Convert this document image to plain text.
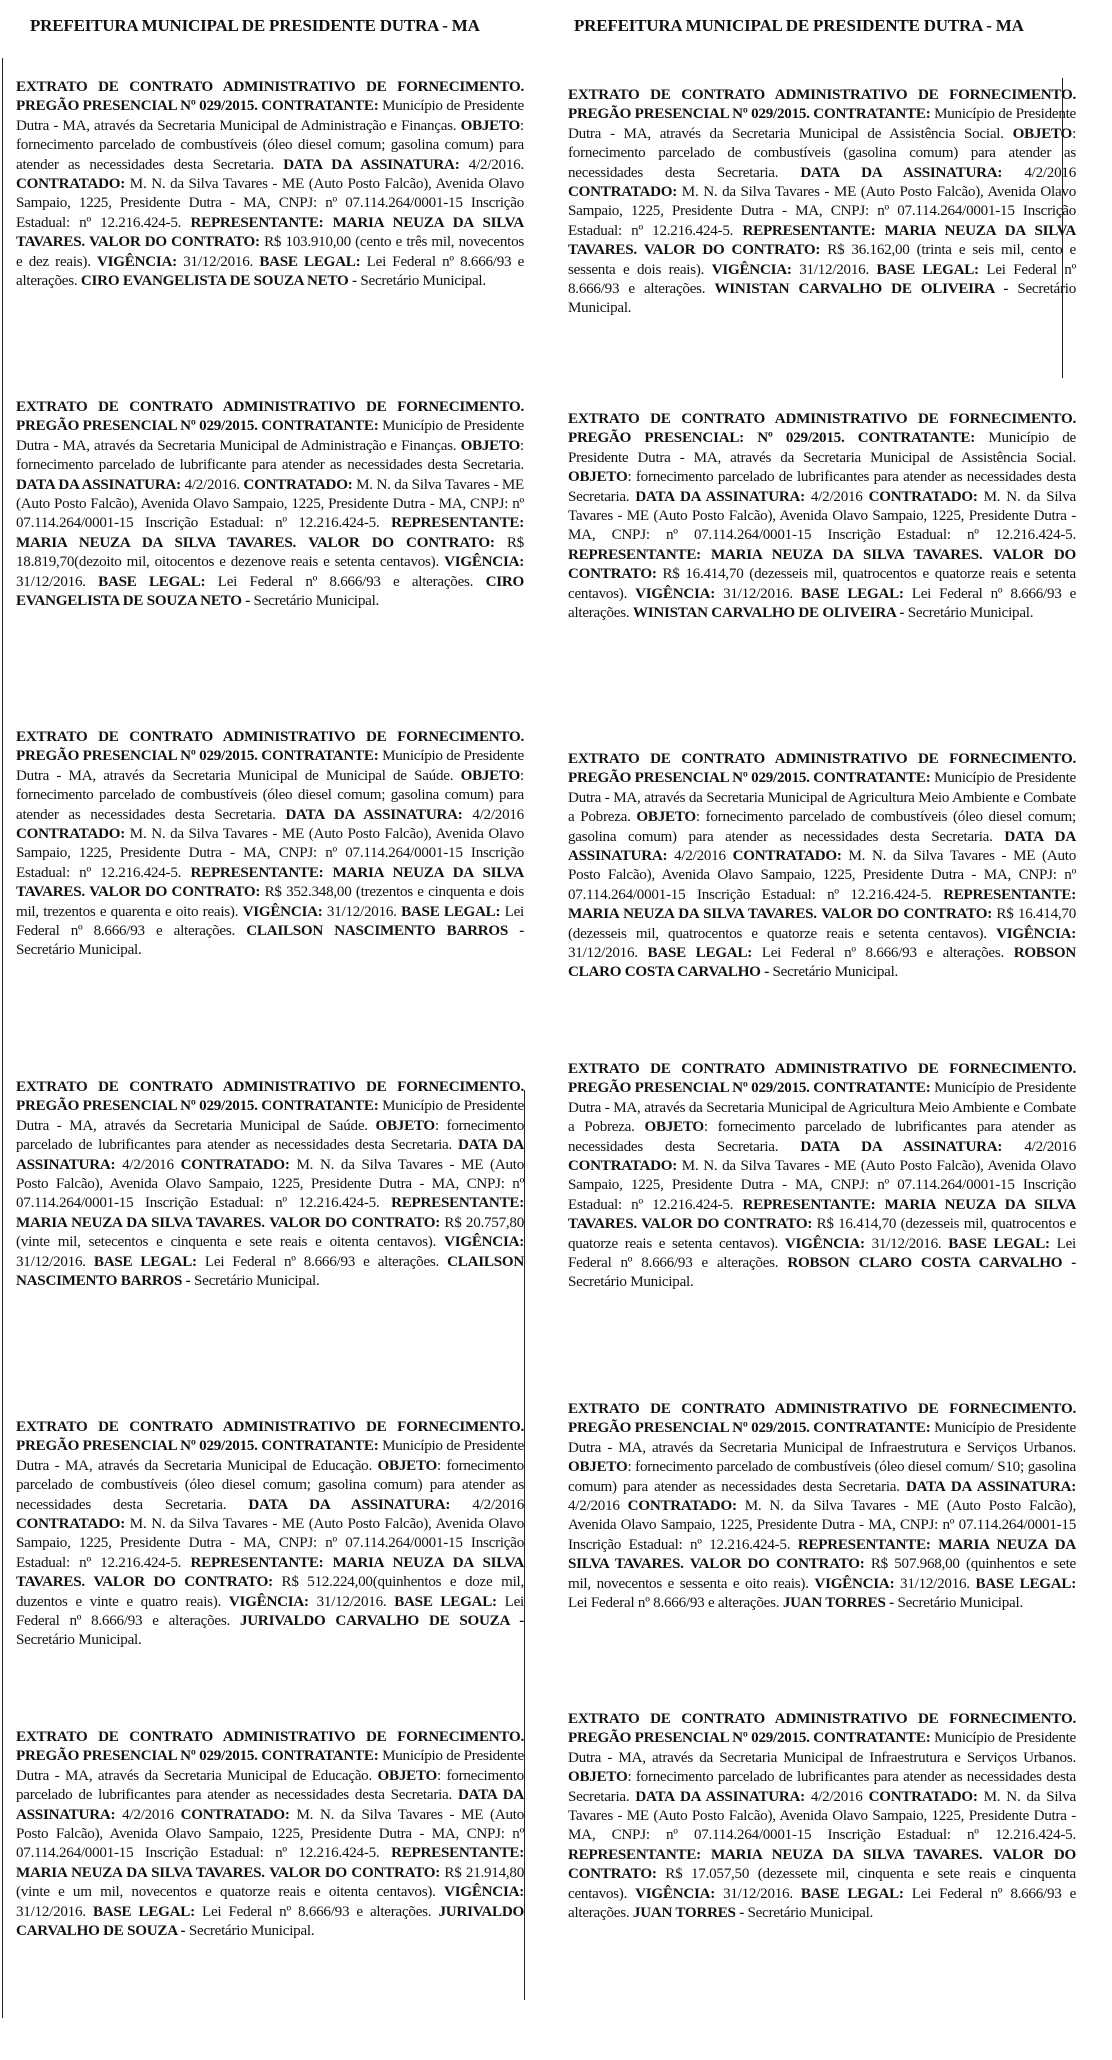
PREFEITURA MUNICIPAL DE PRESIDENTE DUTRA - MA	PREFEITURA MUNICIPAL DE PRESIDENTE DUTRA - MA

EXTRATO DE CONTRATO ADMINISTRATIVO DE FORNECIMENTO. PREGÃO PRESENCIAL Nº 029/2015. CONTRATANTE: Município de Presidente Dutra - MA, através da Secretaria Municipal de Administração e Finanças. OBJETO: fornecimento parcelado de combustíveis (óleo diesel comum; gasolina comum) para atender as necessidades desta Secretaria. DATA DA ASSINATURA: 4/2/2016. CONTRATADO: M. N. da Silva Tavares - ME (Auto Posto Falcão), Avenida Olavo Sampaio, 1225, Presidente Dutra - MA, CNPJ: nº 07.114.264/0001-15 Inscrição Estadual: nº 12.216.424-5. REPRESENTANTE: MARIA NEUZA DA SILVA TAVARES. VALOR DO CONTRATO: R$ 103.910,00 (cento e três mil, novecentos e dez reais). VIGÊNCIA: 31/12/2016. BASE LEGAL: Lei Federal nº 8.666/93 e alterações. CIRO EVANGELISTA DE SOUZA NETO - Secretário Municipal.

EXTRATO DE CONTRATO ADMINISTRATIVO DE FORNECIMENTO. PREGÃO PRESENCIAL Nº 029/2015. CONTRATANTE: Município de Presidente Dutra - MA, através da Secretaria Municipal de Administração e Finanças. OBJETO: fornecimento parcelado de lubrificante para atender as necessidades desta Secretaria. DATA DA ASSINATURA: 4/2/2016. CONTRATADO: M. N. da Silva Tavares - ME (Auto Posto Falcão), Avenida Olavo Sampaio, 1225, Presidente Dutra - MA, CNPJ: nº 07.114.264/0001-15 Inscrição Estadual: nº 12.216.424-5. REPRESENTANTE: MARIA NEUZA DA SILVA TAVARES. VALOR DO CONTRATO: R$ 18.819,70(dezoito mil, oitocentos e dezenove reais e setenta centavos). VIGÊNCIA: 31/12/2016. BASE LEGAL: Lei Federal nº 8.666/93 e alterações. CIRO EVANGELISTA DE SOUZA NETO - Secretário Municipal.

EXTRATO DE CONTRATO ADMINISTRATIVO DE FORNECIMENTO. PREGÃO PRESENCIAL Nº 029/2015. CONTRATANTE: Município de Presidente Dutra - MA, através da Secretaria Municipal de Municipal de Saúde. OBJETO: fornecimento parcelado de combustíveis (óleo diesel comum; gasolina comum) para atender as necessidades desta Secretaria. DATA DA ASSINATURA: 4/2/2016 CONTRATADO: M. N. da Silva Tavares - ME (Auto Posto Falcão), Avenida Olavo Sampaio, 1225, Presidente Dutra - MA, CNPJ: nº 07.114.264/0001-15 Inscrição Estadual: nº 12.216.424-5. REPRESENTANTE: MARIA NEUZA DA SILVA TAVARES. VALOR DO CONTRATO: R$ 352.348,00 (trezentos e cinquenta e dois mil, trezentos e quarenta e oito reais). VIGÊNCIA: 31/12/2016. BASE LEGAL: Lei Federal nº 8.666/93 e alterações. CLAILSON NASCIMENTO BARROS - Secretário Municipal.

EXTRATO DE CONTRATO ADMINISTRATIVO DE FORNECIMENTO. PREGÃO PRESENCIAL Nº 029/2015. CONTRATANTE: Município de Presidente Dutra - MA, através da Secretaria Municipal de Saúde. OBJETO: fornecimento parcelado de lubrificantes para atender as necessidades desta Secretaria. DATA DA ASSINATURA: 4/2/2016 CONTRATADO: M. N. da Silva Tavares - ME (Auto Posto Falcão), Avenida Olavo Sampaio, 1225, Presidente Dutra - MA, CNPJ: nº 07.114.264/0001-15 Inscrição Estadual: nº 12.216.424-5. REPRESENTANTE: MARIA NEUZA DA SILVA TAVARES. VALOR DO CONTRATO: R$ 20.757,80 (vinte mil, setecentos e cinquenta e sete reais e oitenta centavos). VIGÊNCIA: 31/12/2016. BASE LEGAL: Lei Federal nº 8.666/93 e alterações. CLAILSON NASCIMENTO BARROS - Secretário Municipal.

EXTRATO DE CONTRATO ADMINISTRATIVO DE FORNECIMENTO. PREGÃO PRESENCIAL Nº 029/2015. CONTRATANTE: Município de Presidente Dutra - MA, através da Secretaria Municipal de Educação. OBJETO: fornecimento parcelado de combustíveis (óleo diesel comum; gasolina comum) para atender as necessidades desta Secretaria. DATA DA ASSINATURA: 4/2/2016 CONTRATADO: M. N. da Silva Tavares - ME (Auto Posto Falcão), Avenida Olavo Sampaio, 1225, Presidente Dutra - MA, CNPJ: nº 07.114.264/0001-15 Inscrição Estadual: nº 12.216.424-5. REPRESENTANTE: MARIA NEUZA DA SILVA TAVARES. VALOR DO CONTRATO: R$ 512.224,00(quinhentos e doze mil, duzentos e vinte e quatro reais). VIGÊNCIA: 31/12/2016. BASE LEGAL: Lei Federal nº 8.666/93 e alterações. JURIVALDO CARVALHO DE SOUZA - Secretário Municipal.

EXTRATO DE CONTRATO ADMINISTRATIVO DE FORNECIMENTO. PREGÃO PRESENCIAL Nº 029/2015. CONTRATANTE: Município de Presidente Dutra - MA, através da Secretaria Municipal de Educação. OBJETO: fornecimento parcelado de lubrificantes para atender as necessidades desta Secretaria. DATA DA ASSINATURA: 4/2/2016 CONTRATADO: M. N. da Silva Tavares - ME (Auto Posto Falcão), Avenida Olavo Sampaio, 1225, Presidente Dutra - MA, CNPJ: nº 07.114.264/0001-15 Inscrição Estadual: nº 12.216.424-5. REPRESENTANTE: MARIA NEUZA DA SILVA TAVARES. VALOR DO CONTRATO: R$ 21.914,80 (vinte e um mil, novecentos e quatorze reais e oitenta centavos). VIGÊNCIA: 31/12/2016. BASE LEGAL: Lei Federal nº 8.666/93 e alterações. JURIVALDO CARVALHO DE SOUZA - Secretário Municipal.

EXTRATO DE CONTRATO ADMINISTRATIVO DE FORNECIMENTO. PREGÃO PRESENCIAL Nº 029/2015. CONTRATANTE: Município de Presidente Dutra - MA, através da Secretaria Municipal de Assistência Social. OBJETO: fornecimento parcelado de combustíveis (gasolina comum) para atender as necessidades desta Secretaria. DATA DA ASSINATURA: 4/2/2016 CONTRATADO: M. N. da Silva Tavares - ME (Auto Posto Falcão), Avenida Olavo Sampaio, 1225, Presidente Dutra - MA, CNPJ: nº 07.114.264/0001-15 Inscrição Estadual: nº 12.216.424-5. REPRESENTANTE: MARIA NEUZA DA SILVA TAVARES. VALOR DO CONTRATO: R$ 36.162,00 (trinta e seis mil, cento e sessenta e dois reais). VIGÊNCIA: 31/12/2016. BASE LEGAL: Lei Federal nº 8.666/93 e alterações. WINISTAN CARVALHO DE OLIVEIRA - Secretário Municipal.

EXTRATO DE CONTRATO ADMINISTRATIVO DE FORNECIMENTO. PREGÃO PRESENCIAL: Nº 029/2015. CONTRATANTE: Município de Presidente Dutra - MA, através da Secretaria Municipal de Assistência Social. OBJETO: fornecimento parcelado de lubrificantes para atender as necessidades desta Secretaria. DATA DA ASSINATURA: 4/2/2016 CONTRATADO: M. N. da Silva Tavares - ME (Auto Posto Falcão), Avenida Olavo Sampaio, 1225, Presidente Dutra - MA, CNPJ: nº 07.114.264/0001-15 Inscrição Estadual: nº 12.216.424-5. REPRESENTANTE: MARIA NEUZA DA SILVA TAVARES. VALOR DO CONTRATO: R$ 16.414,70 (dezesseis mil, quatrocentos e quatorze reais e setenta centavos). VIGÊNCIA: 31/12/2016. BASE LEGAL: Lei Federal nº 8.666/93 e alterações. WINISTAN CARVALHO DE OLIVEIRA - Secretário Municipal.

EXTRATO DE CONTRATO ADMINISTRATIVO DE FORNECIMENTO. PREGÃO PRESENCIAL Nº 029/2015. CONTRATANTE: Município de Presidente Dutra - MA, através da Secretaria Municipal de Agricultura Meio Ambiente e Combate a Pobreza. OBJETO: fornecimento parcelado de combustíveis (óleo diesel comum; gasolina comum) para atender as necessidades desta Secretaria. DATA DA ASSINATURA: 4/2/2016 CONTRATADO: M. N. da Silva Tavares - ME (Auto Posto Falcão), Avenida Olavo Sampaio, 1225, Presidente Dutra - MA, CNPJ: nº 07.114.264/0001-15 Inscrição Estadual: nº 12.216.424-5. REPRESENTANTE: MARIA NEUZA DA SILVA TAVARES. VALOR DO CONTRATO: R$ 16.414,70 (dezesseis mil, quatrocentos e quatorze reais e setenta centavos). VIGÊNCIA: 31/12/2016. BASE LEGAL: Lei Federal nº 8.666/93 e alterações. ROBSON CLARO COSTA CARVALHO - Secretário Municipal.

EXTRATO DE CONTRATO ADMINISTRATIVO DE FORNECIMENTO. PREGÃO PRESENCIAL Nº 029/2015. CONTRATANTE: Município de Presidente Dutra - MA, através da Secretaria Municipal de Agricultura Meio Ambiente e Combate a Pobreza. OBJETO: fornecimento parcelado de lubrificantes para atender as necessidades desta Secretaria. DATA DA ASSINATURA: 4/2/2016 CONTRATADO: M. N. da Silva Tavares - ME (Auto Posto Falcão), Avenida Olavo Sampaio, 1225, Presidente Dutra - MA, CNPJ: nº 07.114.264/0001-15 Inscrição Estadual: nº 12.216.424-5. REPRESENTANTE: MARIA NEUZA DA SILVA TAVARES. VALOR DO CONTRATO: R$ 16.414,70 (dezesseis mil, quatrocentos e quatorze reais e setenta centavos). VIGÊNCIA: 31/12/2016. BASE LEGAL: Lei Federal nº 8.666/93 e alterações. ROBSON CLARO COSTA CARVALHO - Secretário Municipal.

EXTRATO DE CONTRATO ADMINISTRATIVO DE FORNECIMENTO. PREGÃO PRESENCIAL Nº 029/2015. CONTRATANTE: Município de Presidente Dutra - MA, através da Secretaria Municipal de Infraestrutura e Serviços Urbanos. OBJETO: fornecimento parcelado de combustíveis (óleo diesel comum/ S10; gasolina comum) para atender as necessidades desta Secretaria. DATA DA ASSINATURA: 4/2/2016 CONTRATADO: M. N. da Silva Tavares - ME (Auto Posto Falcão), Avenida Olavo Sampaio, 1225, Presidente Dutra - MA, CNPJ: nº 07.114.264/0001-15 Inscrição Estadual: nº 12.216.424-5. REPRESENTANTE: MARIA NEUZA DA SILVA TAVARES. VALOR DO CONTRATO: R$ 507.968,00 (quinhentos e sete mil, novecentos e sessenta e oito reais). VIGÊNCIA: 31/12/2016. BASE LEGAL: Lei Federal nº 8.666/93 e alterações. JUAN TORRES - Secretário Municipal.

EXTRATO DE CONTRATO ADMINISTRATIVO DE FORNECIMENTO. PREGÃO PRESENCIAL Nº 029/2015. CONTRATANTE: Município de Presidente Dutra - MA, através da Secretaria Municipal de Infraestrutura e Serviços Urbanos. OBJETO: fornecimento parcelado de lubrificantes para atender as necessidades desta Secretaria. DATA DA ASSINATURA: 4/2/2016 CONTRATADO: M. N. da Silva Tavares - ME (Auto Posto Falcão), Avenida Olavo Sampaio, 1225, Presidente Dutra - MA, CNPJ: nº 07.114.264/0001-15 Inscrição Estadual: nº 12.216.424-5. REPRESENTANTE: MARIA NEUZA DA SILVA TAVARES. VALOR DO CONTRATO: R$ 17.057,50 (dezessete mil, cinquenta e sete reais e cinquenta centavos). VIGÊNCIA: 31/12/2016. BASE LEGAL: Lei Federal nº 8.666/93 e alterações. JUAN TORRES - Secretário Municipal.
